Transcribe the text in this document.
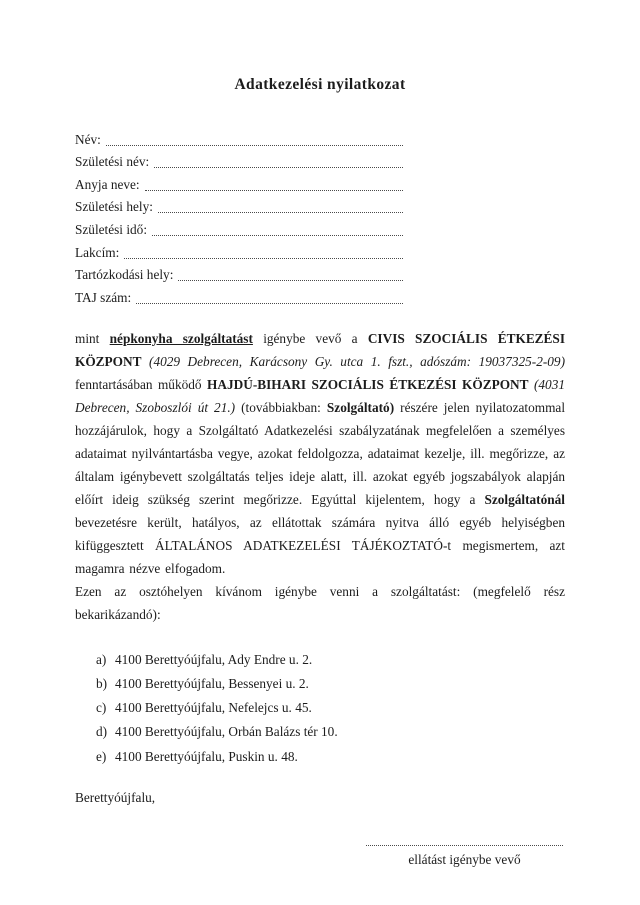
Adatkezelési nyilatkozat
Név:
Születési név:
Anyja neve:
Születési hely:
Születési idő:
Lakcím:
Tartózkodási hely:
TAJ szám:

mint népkonyha szolgáltatást igénybe vevő a CIVIS SZOCIÁLIS ÉTKEZÉSI KÖZPONT (4029 Debrecen, Karácsony Gy. utca 1. fszt., adószám: 19037325-2-09) fenntartásában működő HAJDÚ-BIHARI SZOCIÁLIS ÉTKEZÉSI KÖZPONT (4031 Debrecen, Szoboszlói út 21.) (továbbiakban: Szolgáltató) részére jelen nyilatozatommal hozzájárulok, hogy a Szolgáltató Adatkezelési szabályzatának megfelelően a személyes adataimat nyilvántartásba vegye, azokat feldolgozza, adataimat kezelje, ill. megőrizze, az általam igénybevett szolgáltatás teljes ideje alatt, ill. azokat egyéb jogszabályok alapján előírt ideig szükség szerint megőrizze. Egyúttal kijelentem, hogy a Szolgáltatónál bevezetésre került, hatályos, az ellátottak számára nyitva álló egyéb helyiségben kifüggesztett ÁLTALÁNOS ADATKEZELÉSI TÁJÉKOZTATÓ-t megismertem, azt magamra nézve elfogadom.

Ezen az osztóhelyen kívánom igénybe venni a szolgáltatást: (megfelelő rész bekarikázandó):

a) 4100 Berettyóújfalu, Ady Endre u. 2.
b) 4100 Berettyóújfalu, Bessenyei u. 2.
c) 4100 Berettyóújfalu, Nefelejcs u. 45.
d) 4100 Berettyóújfalu, Orbán Balázs tér 10.
e) 4100 Berettyóújfalu, Puskin u. 48.
Berettyóújfalu,
ellátást igénybe vevő
